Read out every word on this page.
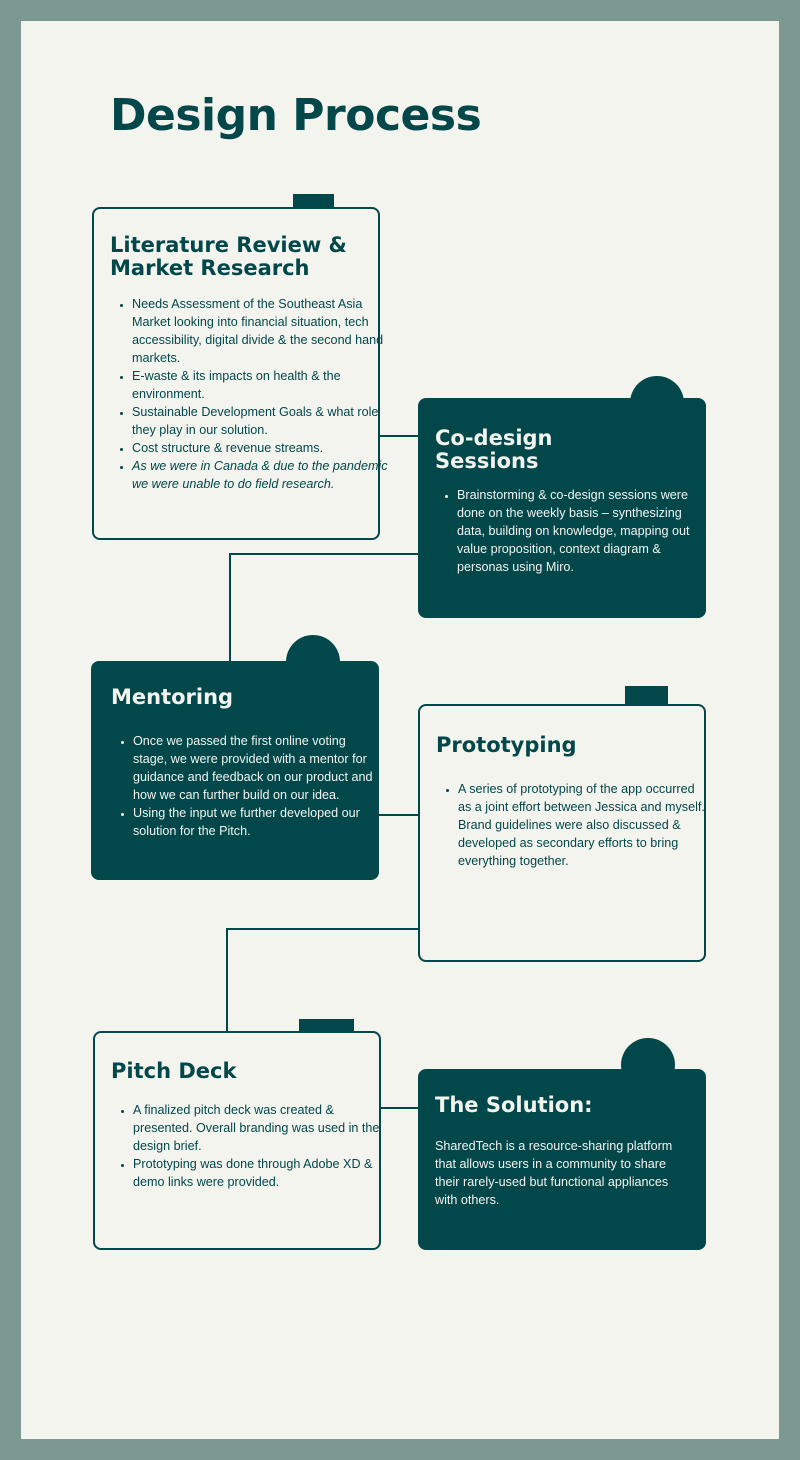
Design Process
Literature Review &
Market Research
• Needs Assessment of the Southeast Asia Market looking into financial situation, tech accessibility, digital divide & the second hand markets.
• E-waste & its impacts on health & the environment.
• Sustainable Development Goals & what role they play in our solution.
• Cost structure & revenue streams.
• As we were in Canada & due to the pandemic we were unable to do field research.
Co-design
Sessions
• Brainstorming & co-design sessions were done on the weekly basis – synthesizing data, building on knowledge, mapping out value proposition, context diagram & personas using Miro.
Mentoring
• Once we passed the first online voting stage, we were provided with a mentor for guidance and feedback on our product and how we can further build on our idea.
• Using the input we further developed our solution for the Pitch.
Prototyping
• A series of prototyping of the app occurred as a joint effort between Jessica and myself. Brand guidelines were also discussed & developed as secondary efforts to bring everything together.
Pitch Deck
• A finalized pitch deck was created & presented. Overall branding was used in the design brief.
• Prototyping was done through Adobe XD & demo links were provided.
The Solution:

SharedTech is a resource-sharing platform that allows users in a community to share their rarely-used but functional appliances with others.
